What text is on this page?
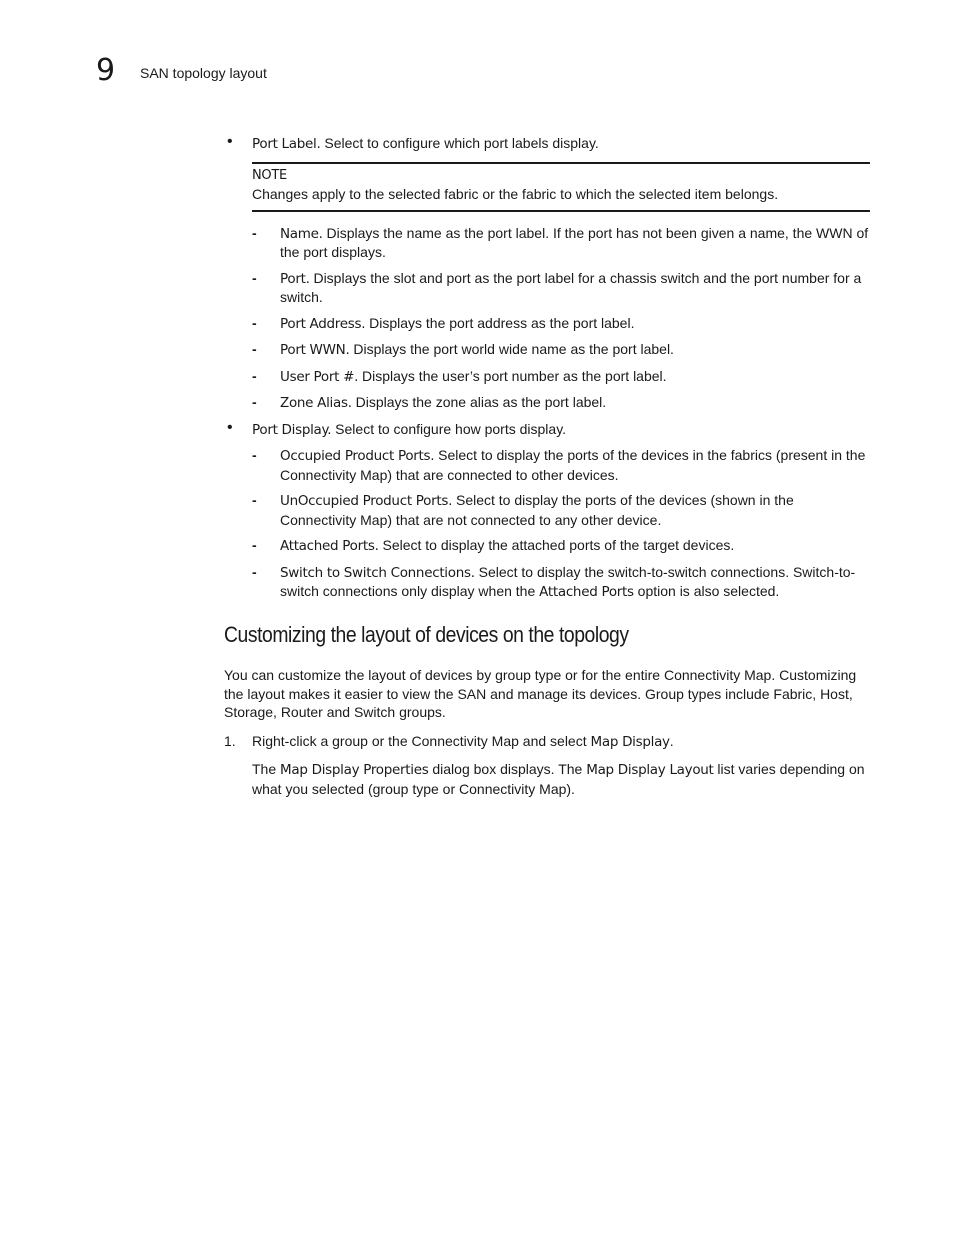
9 SAN topology layout
• Port Label. Select to configure which port labels display.
NOTE
Changes apply to the selected fabric or the fabric to which the selected item belongs.
- Name. Displays the name as the port label. If the port has not been given a name, the WWN of the port displays.
- Port. Displays the slot and port as the port label for a chassis switch and the port number for a switch.
- Port Address. Displays the port address as the port label.
- Port WWN. Displays the port world wide name as the port label.
- User Port #. Displays the user’s port number as the port label.
- Zone Alias. Displays the zone alias as the port label.
• Port Display. Select to configure how ports display.
- Occupied Product Ports. Select to display the ports of the devices in the fabrics (present in the Connectivity Map) that are connected to other devices.
- UnOccupied Product Ports. Select to display the ports of the devices (shown in the Connectivity Map) that are not connected to any other device.
- Attached Ports. Select to display the attached ports of the target devices.
- Switch to Switch Connections. Select to display the switch-to-switch connections. Switch-to-switch connections only display when the Attached Ports option is also selected.
Customizing the layout of devices on the topology

You can customize the layout of devices by group type or for the entire Connectivity Map. Customizing the layout makes it easier to view the SAN and manage its devices. Group types include Fabric, Host, Storage, Router and Switch groups.

1. Right-click a group or the Connectivity Map and select Map Display.
The Map Display Properties dialog box displays. The Map Display Layout list varies depending on what you selected (group type or Connectivity Map).
